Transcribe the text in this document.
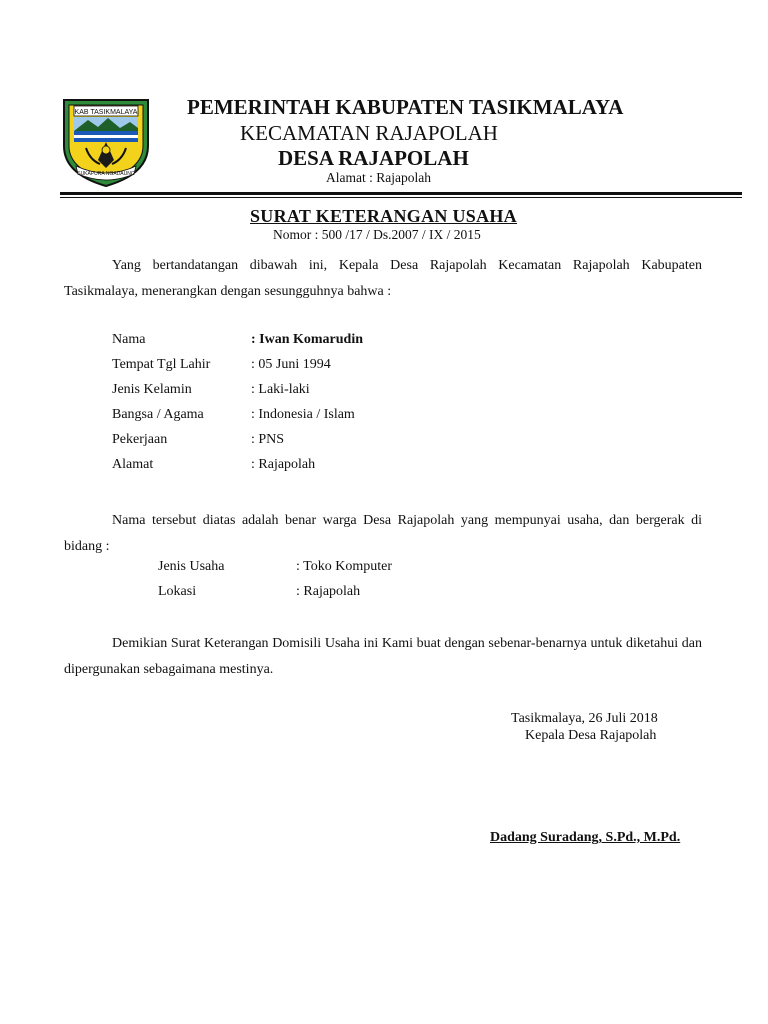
KAB TASIKMALAYA
SUKAPURA NGADAUNG
PEMERINTAH KABUPATEN TASIKMALAYA
KECAMATAN RAJAPOLAH
DESA RAJAPOLAH
Alamat : Rajapolah
SURAT KETERANGAN USAHA
Nomor : 500 /17 / Ds.2007 / IX / 2015
Yang bertandatangan dibawah ini, Kepala Desa Rajapolah Kecamatan Rajapolah Kabupaten Tasikmalaya, menerangkan dengan sesungguhnya bahwa :
Nama	: Iwan Komarudin
Tempat Tgl Lahir	: 05 Juni 1994
Jenis Kelamin	: Laki-laki
Bangsa / Agama	: Indonesia / Islam
Pekerjaan	: PNS
Alamat	: Rajapolah
Nama tersebut diatas adalah benar warga Desa Rajapolah yang mempunyai usaha, dan bergerak di bidang :
Jenis Usaha	: Toko Komputer
Lokasi	: Rajapolah
Demikian Surat Keterangan Domisili Usaha ini Kami buat dengan sebenar-benarnya untuk diketahui dan dipergunakan sebagaimana mestinya.
Tasikmalaya, 26 Juli 2018
Kepala Desa Rajapolah
Dadang Suradang, S.Pd., M.Pd.
